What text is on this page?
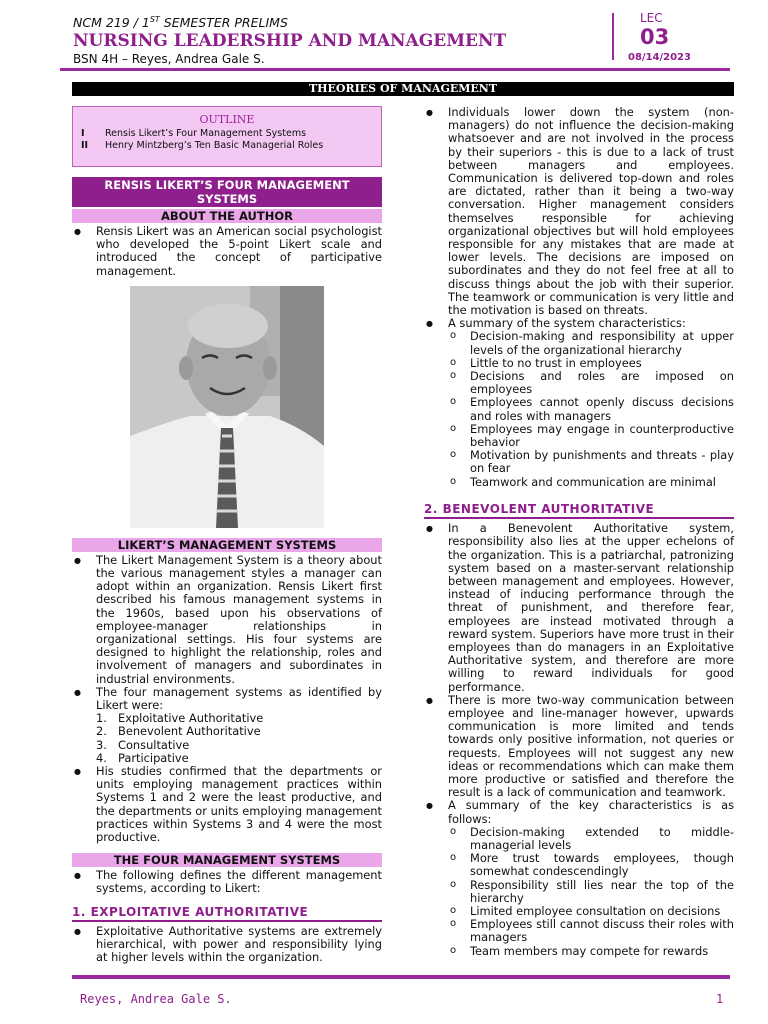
NCM 219 / 1ST SEMESTER PRELIMS
NURSING LEADERSHIP AND MANAGEMENT
BSN 4H – Reyes, Andrea Gale S.
LEC
03
08/14/2023
THEORIES OF MANAGEMENT
OUTLINE
I	Rensis Likert’s Four Management Systems
II	Henry Mintzberg’s Ten Basic Managerial Roles
RENSIS LIKERT’S FOUR MANAGEMENT SYSTEMS
ABOUT THE AUTHOR
● Rensis Likert was an American social psychologist who developed the 5-point Likert scale and introduced the concept of participative management.
LIKERT’S MANAGEMENT SYSTEMS
● The Likert Management System is a theory about the various management styles a manager can adopt within an organization. Rensis Likert first described his famous management systems in the 1960s, based upon his observations of employee-manager relationships in organizational settings. His four systems are designed to highlight the relationship, roles and involvement of managers and subordinates in industrial environments.
● The four management systems as identified by Likert were:
1. Exploitative Authoritative
2. Benevolent Authoritative
3. Consultative
4. Participative
● His studies confirmed that the departments or units employing management practices within Systems 1 and 2 were the least productive, and the departments or units employing management practices within Systems 3 and 4 were the most productive.
THE FOUR MANAGEMENT SYSTEMS
● The following defines the different management systems, according to Likert:
1. EXPLOITATIVE AUTHORITATIVE
● Exploitative Authoritative systems are extremely hierarchical, with power and responsibility lying at higher levels within the organization.
● Individuals lower down the system (non-managers) do not influence the decision-making whatsoever and are not involved in the process by their superiors - this is due to a lack of trust between managers and employees. Communication is delivered top-down and roles are dictated, rather than it being a two-way conversation. Higher management considers themselves responsible for achieving organizational objectives but will hold employees responsible for any mistakes that are made at lower levels. The decisions are imposed on subordinates and they do not feel free at all to discuss things about the job with their superior. The teamwork or communication is very little and the motivation is based on threats.
● A summary of the system characteristics:
o Decision-making and responsibility at upper levels of the organizational hierarchy
o Little to no trust in employees
o Decisions and roles are imposed on employees
o Employees cannot openly discuss decisions and roles with managers
o Employees may engage in counterproductive behavior
o Motivation by punishments and threats - play on fear
o Teamwork and communication are minimal
2. BENEVOLENT AUTHORITATIVE
● In a Benevolent Authoritative system, responsibility also lies at the upper echelons of the organization. This is a patriarchal, patronizing system based on a master-servant relationship between management and employees. However, instead of inducing performance through the threat of punishment, and therefore fear, employees are instead motivated through a reward system. Superiors have more trust in their employees than do managers in an Exploitative Authoritative system, and therefore are more willing to reward individuals for good performance.
● There is more two-way communication between employee and line-manager however, upwards communication is more limited and tends towards only positive information, not queries or requests. Employees will not suggest any new ideas or recommendations which can make them more productive or satisfied and therefore the result is a lack of communication and teamwork.
● A summary of the key characteristics is as follows:
o Decision-making extended to middle-managerial levels
o More trust towards employees, though somewhat condescendingly
o Responsibility still lies near the top of the hierarchy
o Limited employee consultation on decisions
o Employees still cannot discuss their roles with managers
o Team members may compete for rewards
Reyes, Andrea Gale S.	1
